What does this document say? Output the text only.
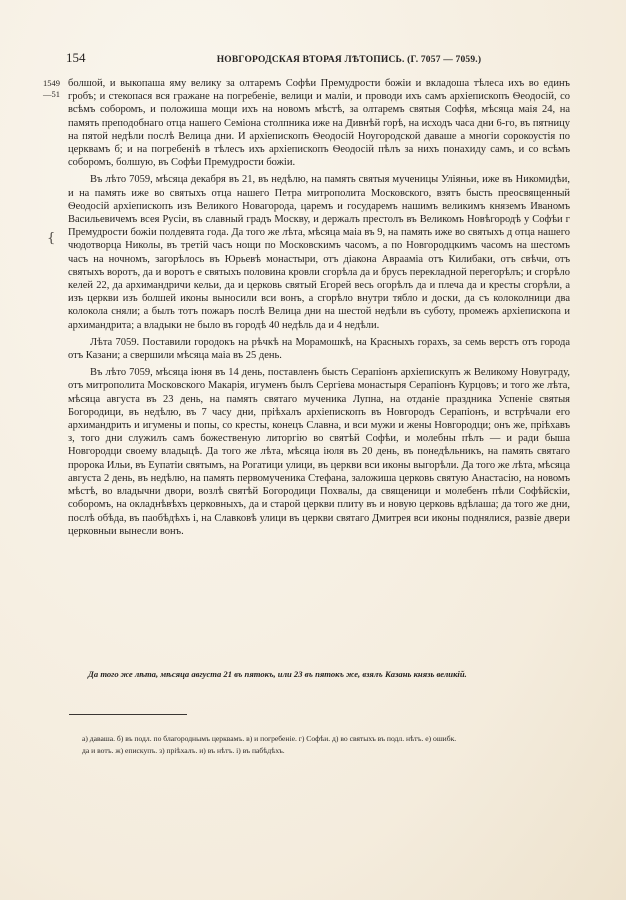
154	НОВГОРОДСКАЯ ВТОРАЯ ЛѢТОПИСЬ. (Г. 7057 — 7059.)
1549
—51
{

болшой, и выкопаша яму велику за олтаремъ Софѣи Премудрости божiи и вкладоша тѣлеса ихъ во единъ гробъ; и стекопася вся гражане на погребенiе, велици и малiи, и проводи ихъ самъ архiепископъ Ѳеодосiй, со всѣмъ соборомъ, и положиша мощи ихъ на новомъ мѣстѣ, за олтаремъ святыя Софѣя, мѣсяца маiя 24, на память преподобнаго отца нашего Семiона столпника иже на Дивнѣй горѣ, на исходъ часа дни 6-го, въ пятницу на пятой недѣли послѣ Велица дни. И архiепископъ Ѳеодосiй Ноугородской даваше а многiи сорокоустiя по церквамъ б; и на погребенiѣ в тѣлесъ ихъ архiепископъ Ѳеодосiй пѣлъ за нихъ понахиду самъ, и со всѣмъ соборомъ, болшую, въ Софѣи Премудрости божiи.

Въ лѣто 7059, мѣсяца декабря въ 21, въ недѣлю, на память святыя мученицы Улiяньи, иже въ Никомидѣи, и на память иже во святыхъ отца нашего Петра митрополита Московского, взятъ бысть преосвященный Ѳеодосiй архiепископъ изъ Великого Новагорода, царемъ и государемъ нашимъ великимъ княземъ Иваномъ Васильевичемъ всея Русiи, въ славный градъ Москву, и держалъ престолъ въ Великомъ Новѣгородѣ у Софѣи г Премудрости божiи полдевята года. Да того же лѣта, мѣсяца маiа въ 9, на память иже во святыхъ д отца нашего чюдотворца Николы, въ третiй часъ нощи по Московскимъ часомъ, а по Новгородцкимъ часомъ на шестомъ часъ на ночномъ, загорѣлось въ Юрьевѣ монастыри, отъ дiакона Авраамiа отъ Килибаки, отъ свѣчи, отъ святыхъ воротъ, да и воротъ е святыхъ половина кровли сгорѣла да и брусъ перекладной перегорѣлъ; и сгорѣло келей 22, да архимандричи кельи, да и церковь святый Егорей весь огорѣлъ да и плеча да и кресты сгорѣли, а изъ церкви изъ болшей иконы выносили вси вонъ, а сгорѣло внутри тябло и доски, да съ колоколници два колокола сняли; а былъ тотъ пожаръ послѣ Велица дни на шестой недѣли въ суботу, промежъ архiепископа и архимандрита; а владыки не было въ городѣ 40 недѣль да и 4 недѣли.

Лѣта 7059. Поставили городокъ на рѣчкѣ на Морамошкѣ, на Красныхъ горахъ, за семь верстъ отъ города отъ Казани; а свершили мѣсяца маiа въ 25 день.

Въ лѣто 7059, мѣсяца iюня въ 14 день, поставленъ бысть Серапiонъ архiепискупъ ж Великому Новуграду, отъ митрополита Московского Макарiя, игуменъ былъ Сергiева монастыря Серапiонъ Курцовъ; и того же лѣта, мѣсяца августа въ 23 день, на память святаго мученика Лупна, на отданiе праздника Успенiе святыя Богородици, въ недѣлю, въ 7 часу дни, прiѣхалъ архiепископъ въ Новгородъ Серапiонъ, и встрѣчали его архимандрить и игумены и попы, со кресты, конецъ Славна, и вси мужи и жены Новгородци; онъ же, прiѣхавъ з, того дни служилъ самъ божественую литоргiю во святѣй Софѣи, и молебны пѣлъ — и ради быша Новгородци своему владыцѣ. Да того же лѣта, мѣсяца iюля въ 20 день, въ понедѣльникъ, на память святаго пророка Ильи, въ Еупатiи святымъ, на Рогатици улици, въ церкви вси иконы выгорѣли. Да того же лѣта, мѣсяца августа 2 день, въ недѣлю, на память первомученика Стефана, заложиша церковь святую Анастасiю, на новомъ мѣстѣ, во владычни двори, возлѣ святѣй Богородици Похвалы, да священици и молебенъ пѣли Софѣйскiи, соборомъ, на окладнѣвѣхъ церковныхъ, да и старой церкви плитy въ и новую церковь вдѣлаша; да того же дни, послѣ обѣда, въ паобѣдѣхъ i, на Славковѣ улици въ церкви святаго Дмитрея вси иконы поднялися, развiе двери церковныи вынесли вонъ.

Да того же лѣта, мѣсяца августа 21 въ пятокъ, или 23 въ пятокъ же, взялъ Казань князь великiй.
а) даваша. б) въ подл. по благороднымъ церквамъ. в) и погребенiе. г) Софѣи. д) во святыхъ въ подл. нѣтъ. е) ошибк.
да и вотъ. ж) епискупъ. з) прiѣхалъ. и) въ нѣтъ. i) въ пабѣдѣхъ.
